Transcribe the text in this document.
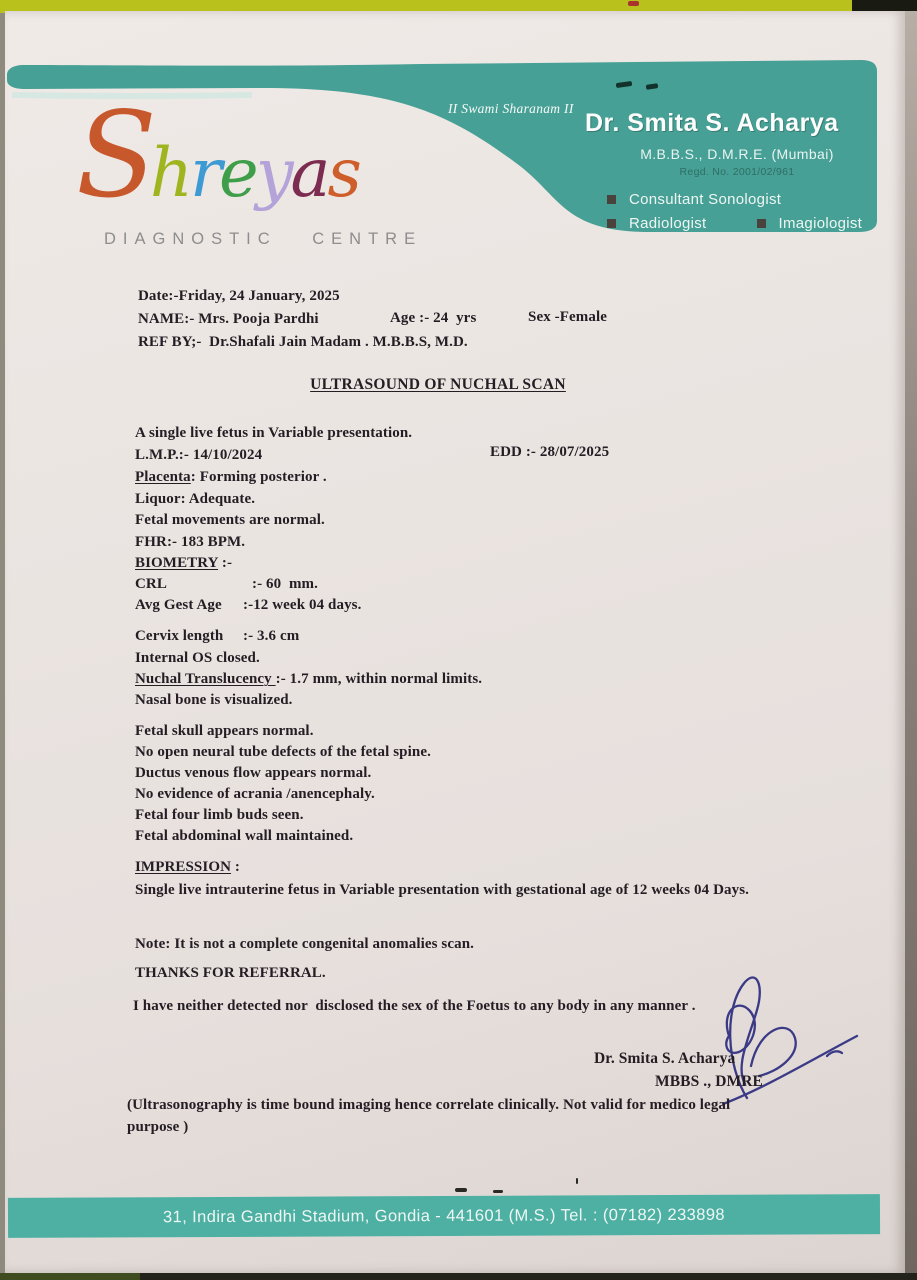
II Swami Sharanam II
Dr. Smita S. Acharya
M.B.B.S., D.M.R.E. (Mumbai)
Regd. No. 2001/02/961
Consultant Sonologist
Radiologist	Imagiologist
S
h r e y a s
DIAGNOSTIC CENTRE
Date:-Friday, 24 January, 2025
NAME:- Mrs. Pooja Pardhi	Age :- 24  yrs	Sex -Female
REF BY;-  Dr.Shafali Jain Madam . M.B.B.S, M.D.
ULTRASOUND OF NUCHAL SCAN
A single live fetus in Variable presentation.
L.M.P.:- 14/10/2024	EDD :- 28/07/2025
Placenta: Forming posterior .
Liquor: Adequate.
Fetal movements are normal.
FHR:- 183 BPM.
BIOMETRY :-
CRL	:- 60  mm.
Avg Gest Age :-12 week 04 days.
Cervix length :- 3.6 cm
Internal OS closed.
Nuchal Translucency :- 1.7 mm, within normal limits.
Nasal bone is visualized.
Fetal skull appears normal.
No open neural tube defects of the fetal spine.
Ductus venous flow appears normal.
No evidence of acrania /anencephaly.
Fetal four limb buds seen.
Fetal abdominal wall maintained.
IMPRESSION :
Single live intrauterine fetus in Variable presentation with gestational age of 12 weeks 04 Days.
Note: It is not a complete congenital anomalies scan.
THANKS FOR REFERRAL.
I have neither detected nor  disclosed the sex of the Foetus to any body in any manner .
Dr. Smita S. Acharya
MBBS ., DMRE
(Ultrasonography is time bound imaging hence correlate clinically. Not valid for medico legal purpose )
31, Indira Gandhi Stadium, Gondia - 441601 (M.S.) Tel. : (07182) 233898
